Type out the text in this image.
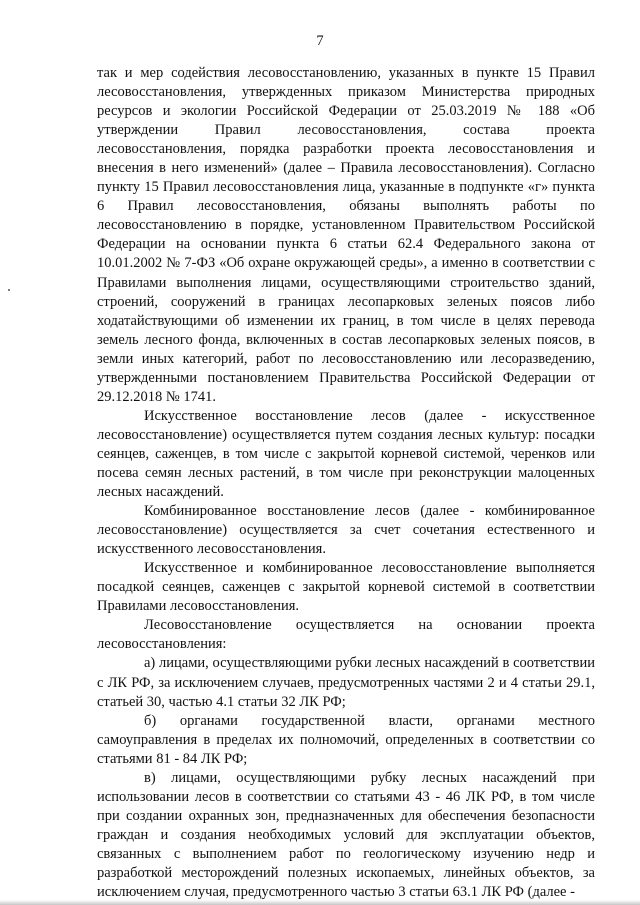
7

так и мер содействия лесовосстановлению, указанных в пункте 15 Правил лесовосстановления, утвержденных приказом Министерства природных ресурсов и экологии Российской Федерации от 25.03.2019 № 188 «Об утверждении Правил лесовосстановления, состава проекта лесовосстановления, порядка разработки проекта лесовосстановления и внесения в него изменений» (далее – Правила лесовосстановления). Согласно пункту 15 Правил лесовосстановления лица, указанные в подпункте «г» пункта 6 Правил лесовосстановления, обязаны выполнять работы по лесовосстановлению в порядке, установленном Правительством Российской Федерации на основании пункта 6 статьи 62.4 Федерального закона от 10.01.2002 № 7-ФЗ «Об охране окружающей среды», а именно в соответствии с Правилами выполнения лицами, осуществляющими строительство зданий, строений, сооружений в границах лесопарковых зеленых поясов либо ходатайствующими об изменении их границ, в том числе в целях перевода земель лесного фонда, включенных в состав лесопарковых зеленых поясов, в земли иных категорий, работ по лесовосстановлению или лесоразведению, утвержденными постановлением Правительства Российской Федерации от 29.12.2018 № 1741.

Искусственное восстановление лесов (далее - искусственное лесовосстановление) осуществляется путем создания лесных культур: посадки сеянцев, саженцев, в том числе с закрытой корневой системой, черенков или посева семян лесных растений, в том числе при реконструкции малоценных лесных насаждений.

Комбинированное восстановление лесов (далее - комбинированное лесовосстановление) осуществляется за счет сочетания естественного и искусственного лесовосстановления.

Искусственное и комбинированное лесовосстановление выполняется посадкой сеянцев, саженцев с закрытой корневой системой в соответствии Правилами лесовосстановления.

Лесовосстановление осуществляется на основании проекта лесовосстановления:

а) лицами, осуществляющими рубки лесных насаждений в соответствии с ЛК РФ, за исключением случаев, предусмотренных частями 2 и 4 статьи 29.1, статьей 30, частью 4.1 статьи 32 ЛК РФ;

б) органами государственной власти, органами местного самоуправления в пределах их полномочий, определенных в соответствии со статьями 81 - 84 ЛК РФ;

в) лицами, осуществляющими рубку лесных насаждений при использовании лесов в соответствии со статьями 43 - 46 ЛК РФ, в том числе при создании охранных зон, предназначенных для обеспечения безопасности граждан и создания необходимых условий для эксплуатации объектов, связанных с выполнением работ по геологическому изучению недр и разработкой месторождений полезных ископаемых, линейных объектов, за исключением случая, предусмотренного частью 3 статьи 63.1 ЛК РФ (далее -
